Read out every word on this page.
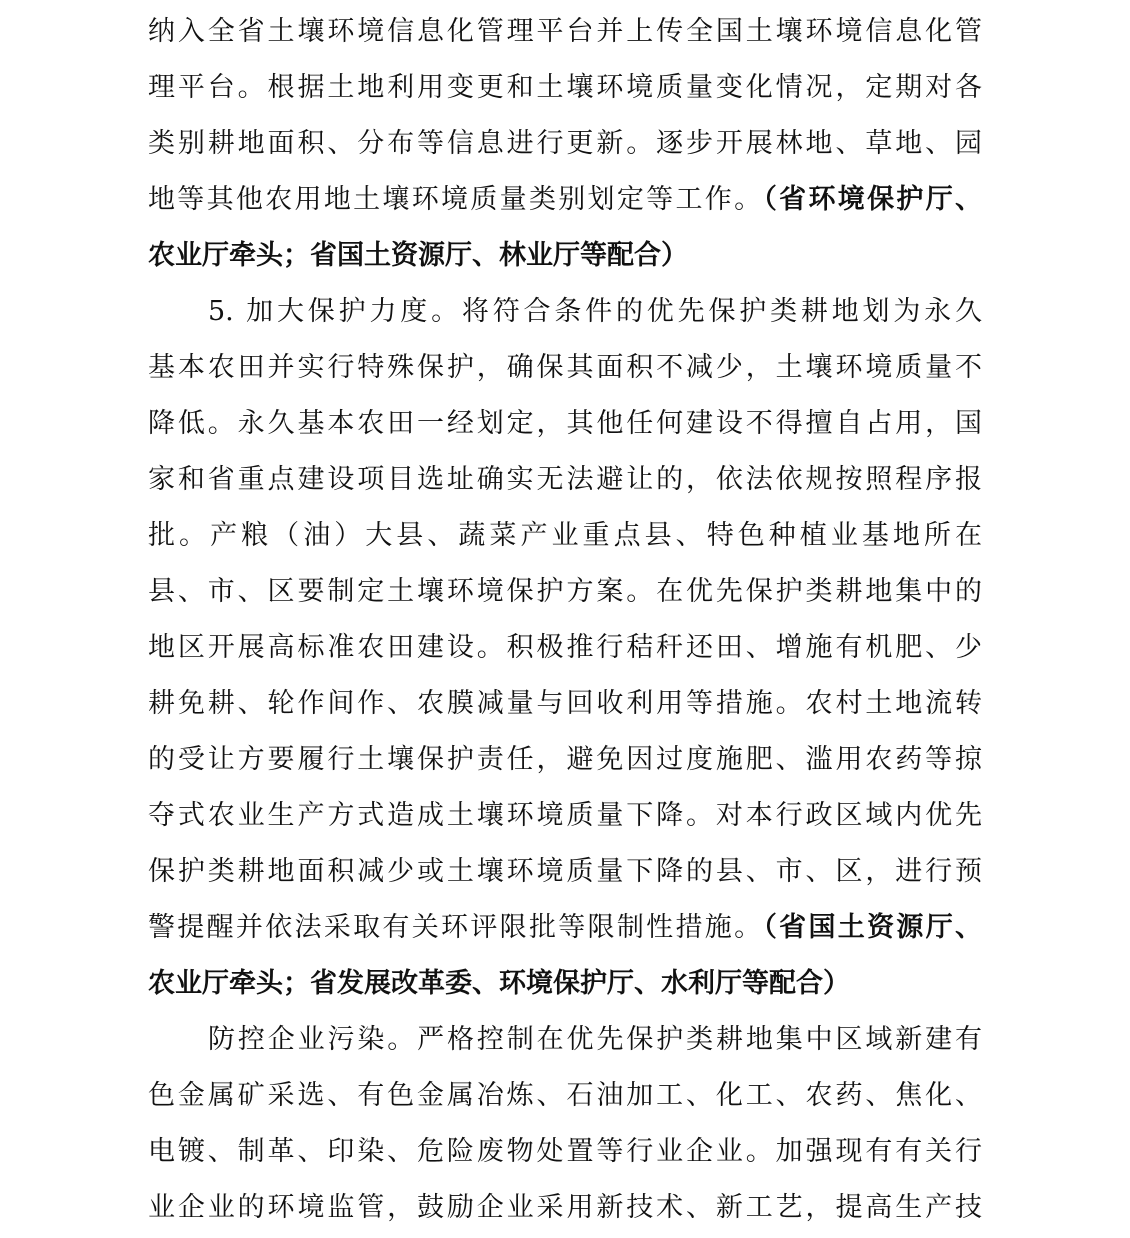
纳入全省土壤环境信息化管理平台并上传全国土壤环境信息化管
理平台。根据土地利用变更和土壤环境质量变化情况，定期对各
类别耕地面积、分布等信息进行更新。逐步开展林地、草地、园
地等其他农用地土壤环境质量类别划定等工作。（省环境保护厅、
农业厅牵头；省国土资源厅、林业厅等配合）
5. 加大保护力度。将符合条件的优先保护类耕地划为永久
基本农田并实行特殊保护，确保其面积不减少，土壤环境质量不
降低。永久基本农田一经划定，其他任何建设不得擅自占用，国
家和省重点建设项目选址确实无法避让的，依法依规按照程序报
批。产粮（油）大县、蔬菜产业重点县、特色种植业基地所在
县、市、区要制定土壤环境保护方案。在优先保护类耕地集中的
地区开展高标准农田建设。积极推行秸秆还田、增施有机肥、少
耕免耕、轮作间作、农膜减量与回收利用等措施。农村土地流转
的受让方要履行土壤保护责任，避免因过度施肥、滥用农药等掠
夺式农业生产方式造成土壤环境质量下降。对本行政区域内优先
保护类耕地面积减少或土壤环境质量下降的县、市、区，进行预
警提醒并依法采取有关环评限批等限制性措施。（省国土资源厅、
农业厅牵头；省发展改革委、环境保护厅、水利厅等配合）
防控企业污染。严格控制在优先保护类耕地集中区域新建有
色金属矿采选、有色金属冶炼、石油加工、化工、农药、焦化、
电镀、制革、印染、危险废物处置等行业企业。加强现有有关行
业企业的环境监管，鼓励企业采用新技术、新工艺，提高生产技
